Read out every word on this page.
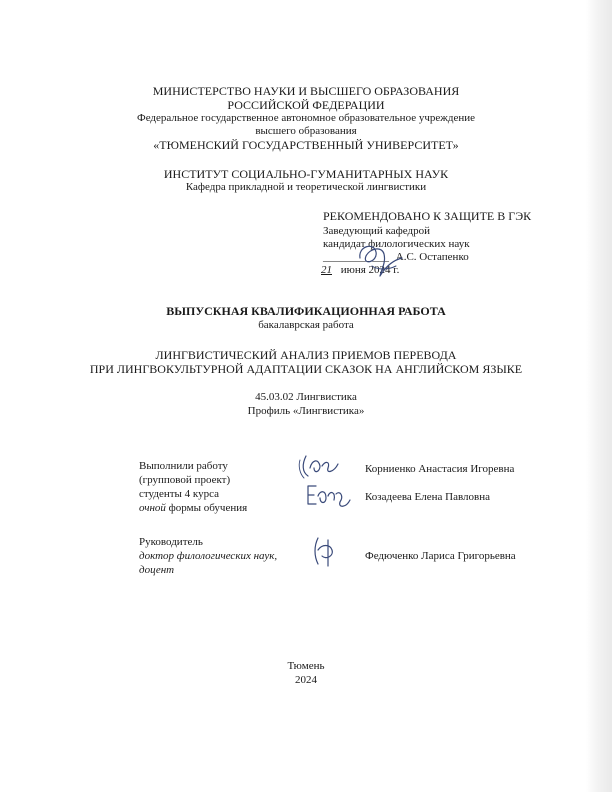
МИНИСТЕРСТВО НАУКИ И ВЫСШЕГО ОБРАЗОВАНИЯ
РОССИЙСКОЙ ФЕДЕРАЦИИ
Федеральное государственное автономное образовательное учреждение
высшего образования
«ТЮМЕНСКИЙ ГОСУДАРСТВЕННЫЙ УНИВЕРСИТЕТ»
ИНСТИТУТ СОЦИАЛЬНО-ГУМАНИТАРНЫХ НАУК
Кафедра прикладной и теоретической лингвистики
РЕКОМЕНДОВАНО К ЗАЩИТЕ В ГЭК
Заведующий кафедрой
кандидат филологических наук
____________ А.С. Остапенко
21 июня 2024 г.
ВЫПУСКНАЯ КВАЛИФИКАЦИОННАЯ РАБОТА
бакалаврская работа
ЛИНГВИСТИЧЕСКИЙ АНАЛИЗ ПРИЕМОВ ПЕРЕВОДА
ПРИ ЛИНГВОКУЛЬТУРНОЙ АДАПТАЦИИ СКАЗОК НА АНГЛИЙСКОМ ЯЗЫКЕ
45.03.02 Лингвистика
Профиль «Лингвистика»
Выполнили работу
(групповой проект)
студенты 4 курса
очной формы обучения
Корниенко Анастасия Игоревна
Козадеева Елена Павловна
Руководитель
доктор филологических наук,
доцент
Федюченко Лариса Григорьевна
Тюмень
2024
